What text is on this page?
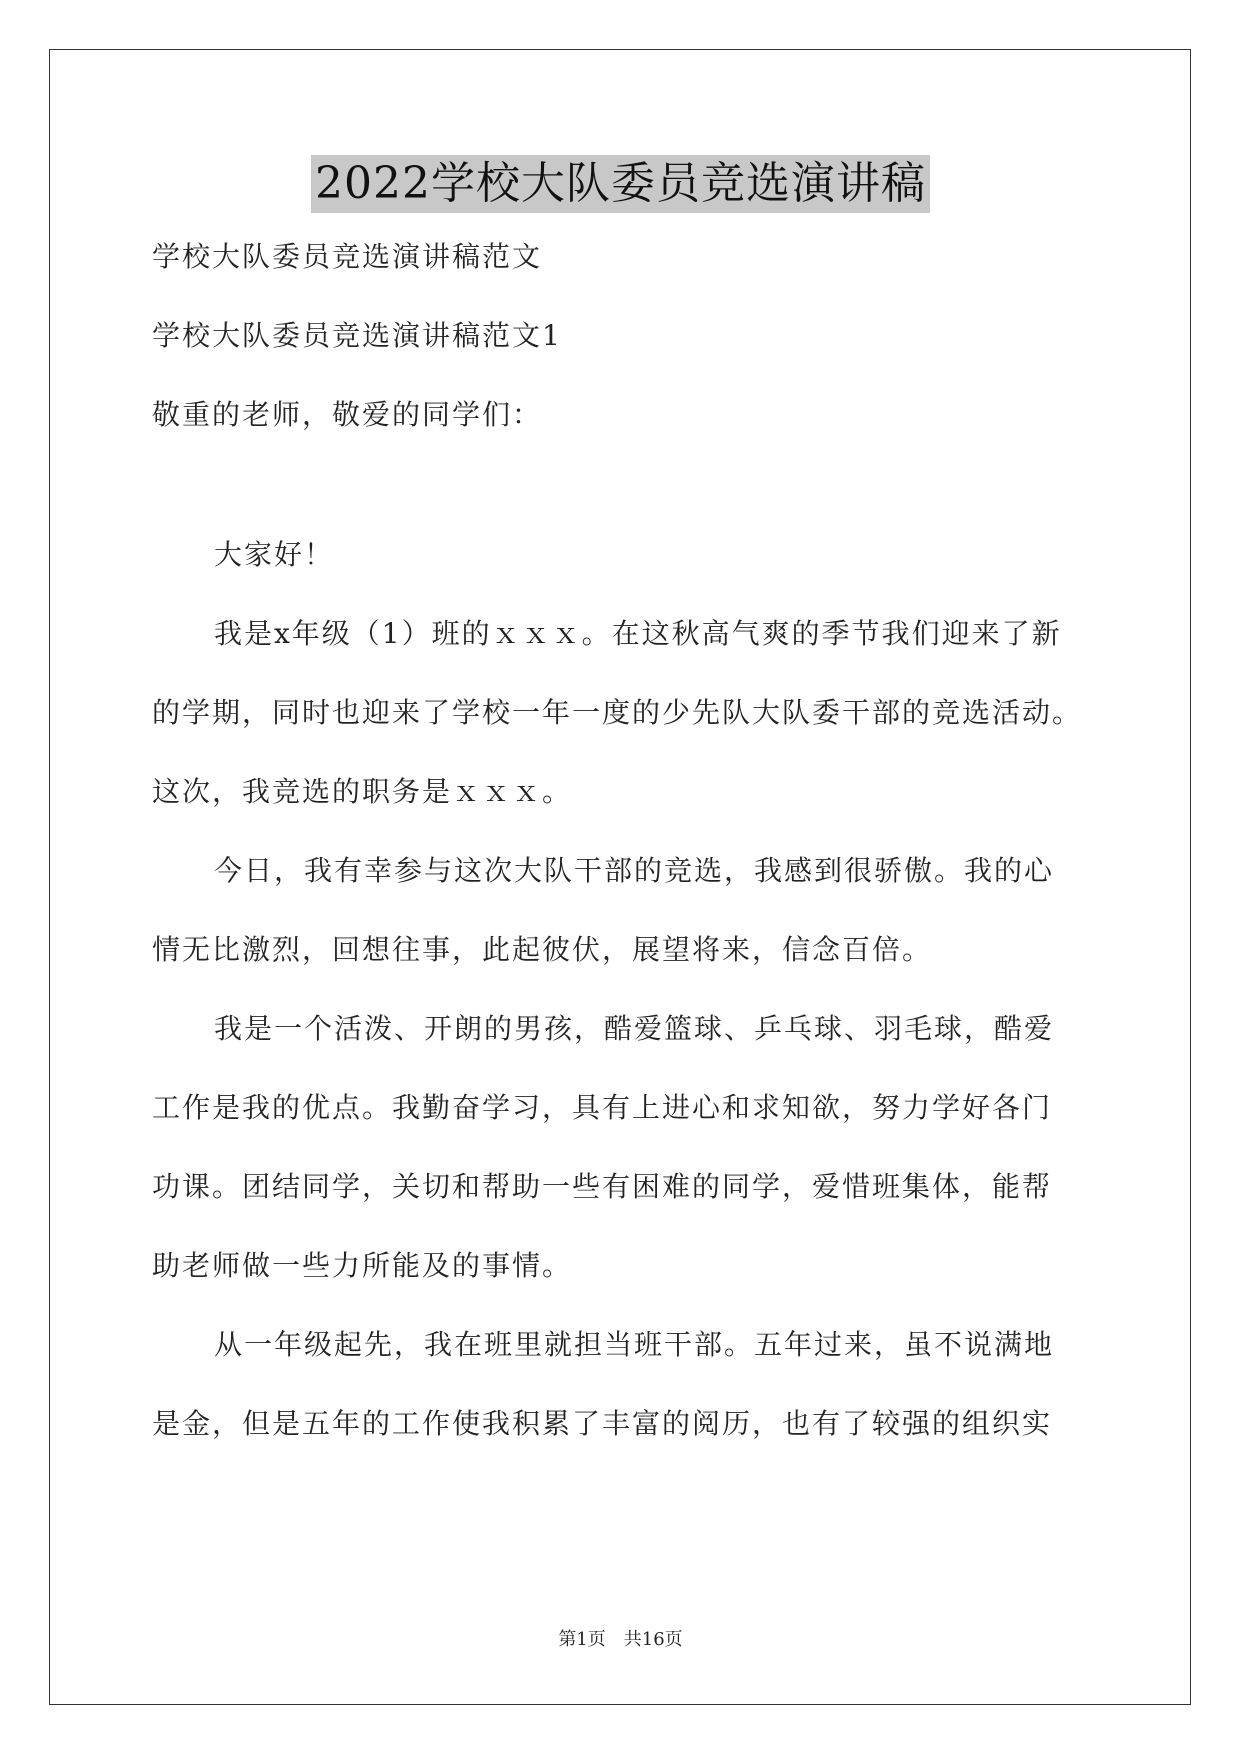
2022学校大队委员竞选演讲稿
学校大队委员竞选演讲稿范文
学校大队委员竞选演讲稿范文1
敬重的老师，敬爱的同学们：
大家好！
我是x年级（1）班的ｘｘｘ。在这秋高气爽的季节我们迎来了新
的学期，同时也迎来了学校一年一度的少先队大队委干部的竞选活动。
这次，我竞选的职务是ｘｘｘ。
今日，我有幸参与这次大队干部的竞选，我感到很骄傲。我的心
情无比激烈，回想往事，此起彼伏，展望将来，信念百倍。
我是一个活泼、开朗的男孩，酷爱篮球、乒乓球、羽毛球，酷爱
工作是我的优点。我勤奋学习，具有上进心和求知欲，努力学好各门
功课。团结同学，关切和帮助一些有困难的同学，爱惜班集体，能帮
助老师做一些力所能及的事情。
从一年级起先，我在班里就担当班干部。五年过来，虽不说满地
是金，但是五年的工作使我积累了丰富的阅历，也有了较强的组织实
第1页　共16页
